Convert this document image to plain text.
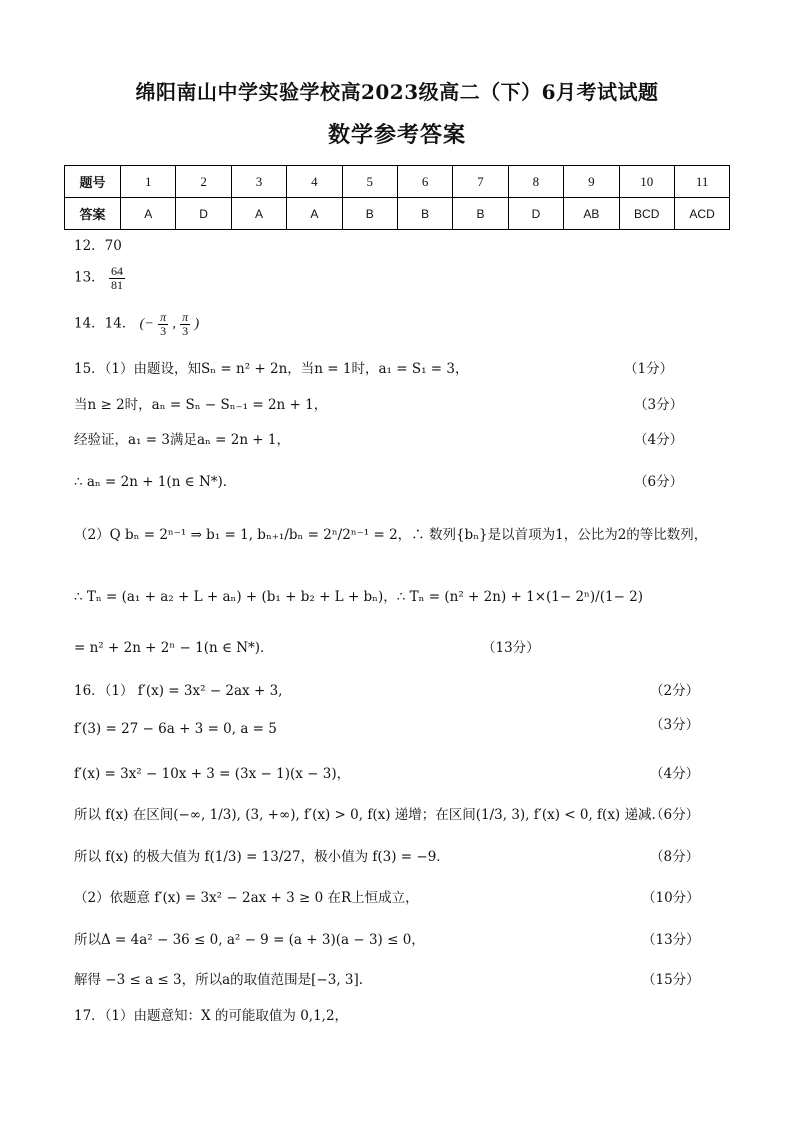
绵阳南山中学实验学校高2023级高二（下）6月考试试题
数学参考答案
题号	1	2	3	4	5	6	7	8	9	10	11
答案	A	D	A	A	B	B	B	D	AB	BCD	ACD
12．70
13． $\frac{64}{81}$
14．14． (− $\frac{\pi}{3}$ , $\frac{\pi}{3}$ )
15．（1）由题设，知Sₙ = n² + 2n，当n = 1时，a₁ = S₁ = 3，	（1分）
当n ≥ 2时，aₙ = Sₙ − Sₙ₋₁ = 2n + 1，	（3分）
经验证，a₁ = 3满足aₙ = 2n + 1，	（4分）
∴ aₙ = 2n + 1(n ∈ N*)．	（6分）
（2）Q bₙ = 2ⁿ⁻¹ ⇒ b₁ = 1, bₙ₊₁/bₙ = 2ⁿ/2ⁿ⁻¹ = 2，∴ 数列{bₙ}是以首项为1，公比为2的等比数列，
∴ Tₙ = (a₁ + a₂ + L + aₙ) + (b₁ + b₂ + L + bₙ)，∴ Tₙ = (n² + 2n) + 1×(1− 2ⁿ)/(1− 2)
= n² + 2n + 2ⁿ − 1(n ∈ N*)．	（13分）
16．（1） f′(x) = 3x² − 2ax + 3,	（2分）
f′(3) = 27 − 6a + 3 = 0, a = 5	（3分）
f′(x) = 3x² − 10x + 3 = (3x − 1)(x − 3)，	（4分）
所以 f(x) 在区间(−∞, 1/3), (3, +∞), f′(x) > 0, f(x) 递增；在区间(1/3, 3), f′(x) < 0, f(x) 递减.
（6分）
所以 f(x) 的极大值为 f(1/3) = 13/27，极小值为 f(3) = −9．	（8分）
（2）依题意 f′(x) = 3x² − 2ax + 3 ≥ 0 在R上恒成立，	（10分）
所以Δ = 4a² − 36 ≤ 0, a² − 9 = (a + 3)(a − 3) ≤ 0，	（13分）
解得 −3 ≤ a ≤ 3，所以a的取值范围是[−3, 3].	（15分）
17．（1）由题意知：X 的可能取值为 0,1,2，
